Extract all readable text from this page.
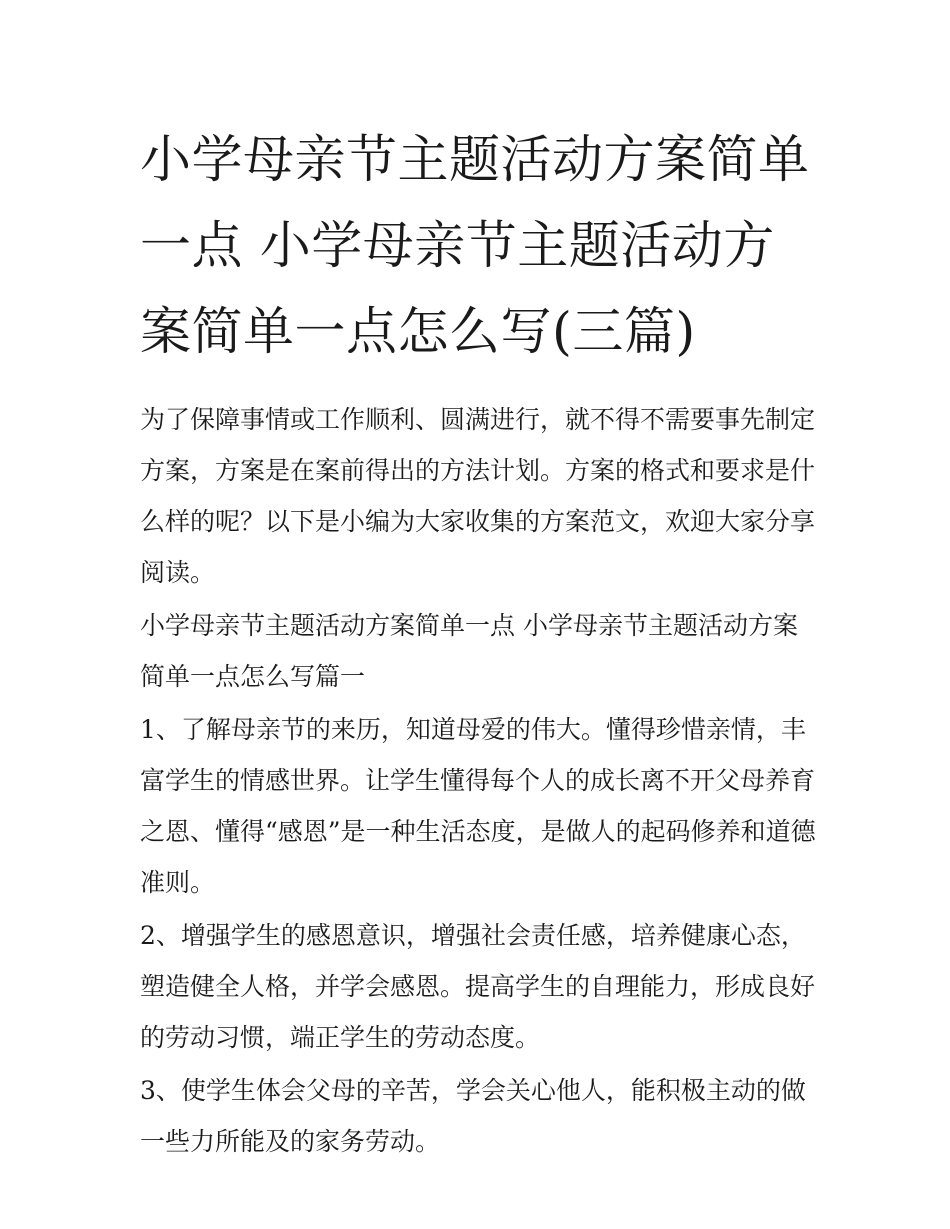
小学母亲节主题活动方案简单一点 小学母亲节主题活动方案简单一点怎么写(三篇)

为了保障事情或工作顺利、圆满进行，就不得不需要事先制定方案，方案是在案前得出的方法计划。方案的格式和要求是什么样的呢？以下是小编为大家收集的方案范文，欢迎大家分享阅读。

小学母亲节主题活动方案简单一点 小学母亲节主题活动方案简单一点怎么写篇一

1、了解母亲节的来历，知道母爱的伟大。懂得珍惜亲情，丰富学生的情感世界。让学生懂得每个人的成长离不开父母养育之恩、懂得“感恩”是一种生活态度，是做人的起码修养和道德准则。

2、增强学生的感恩意识，增强社会责任感，培养健康心态，塑造健全人格，并学会感恩。提高学生的自理能力，形成良好的劳动习惯，端正学生的劳动态度。

3、使学生体会父母的辛苦，学会关心他人，能积极主动的做一些力所能及的家务劳动。
